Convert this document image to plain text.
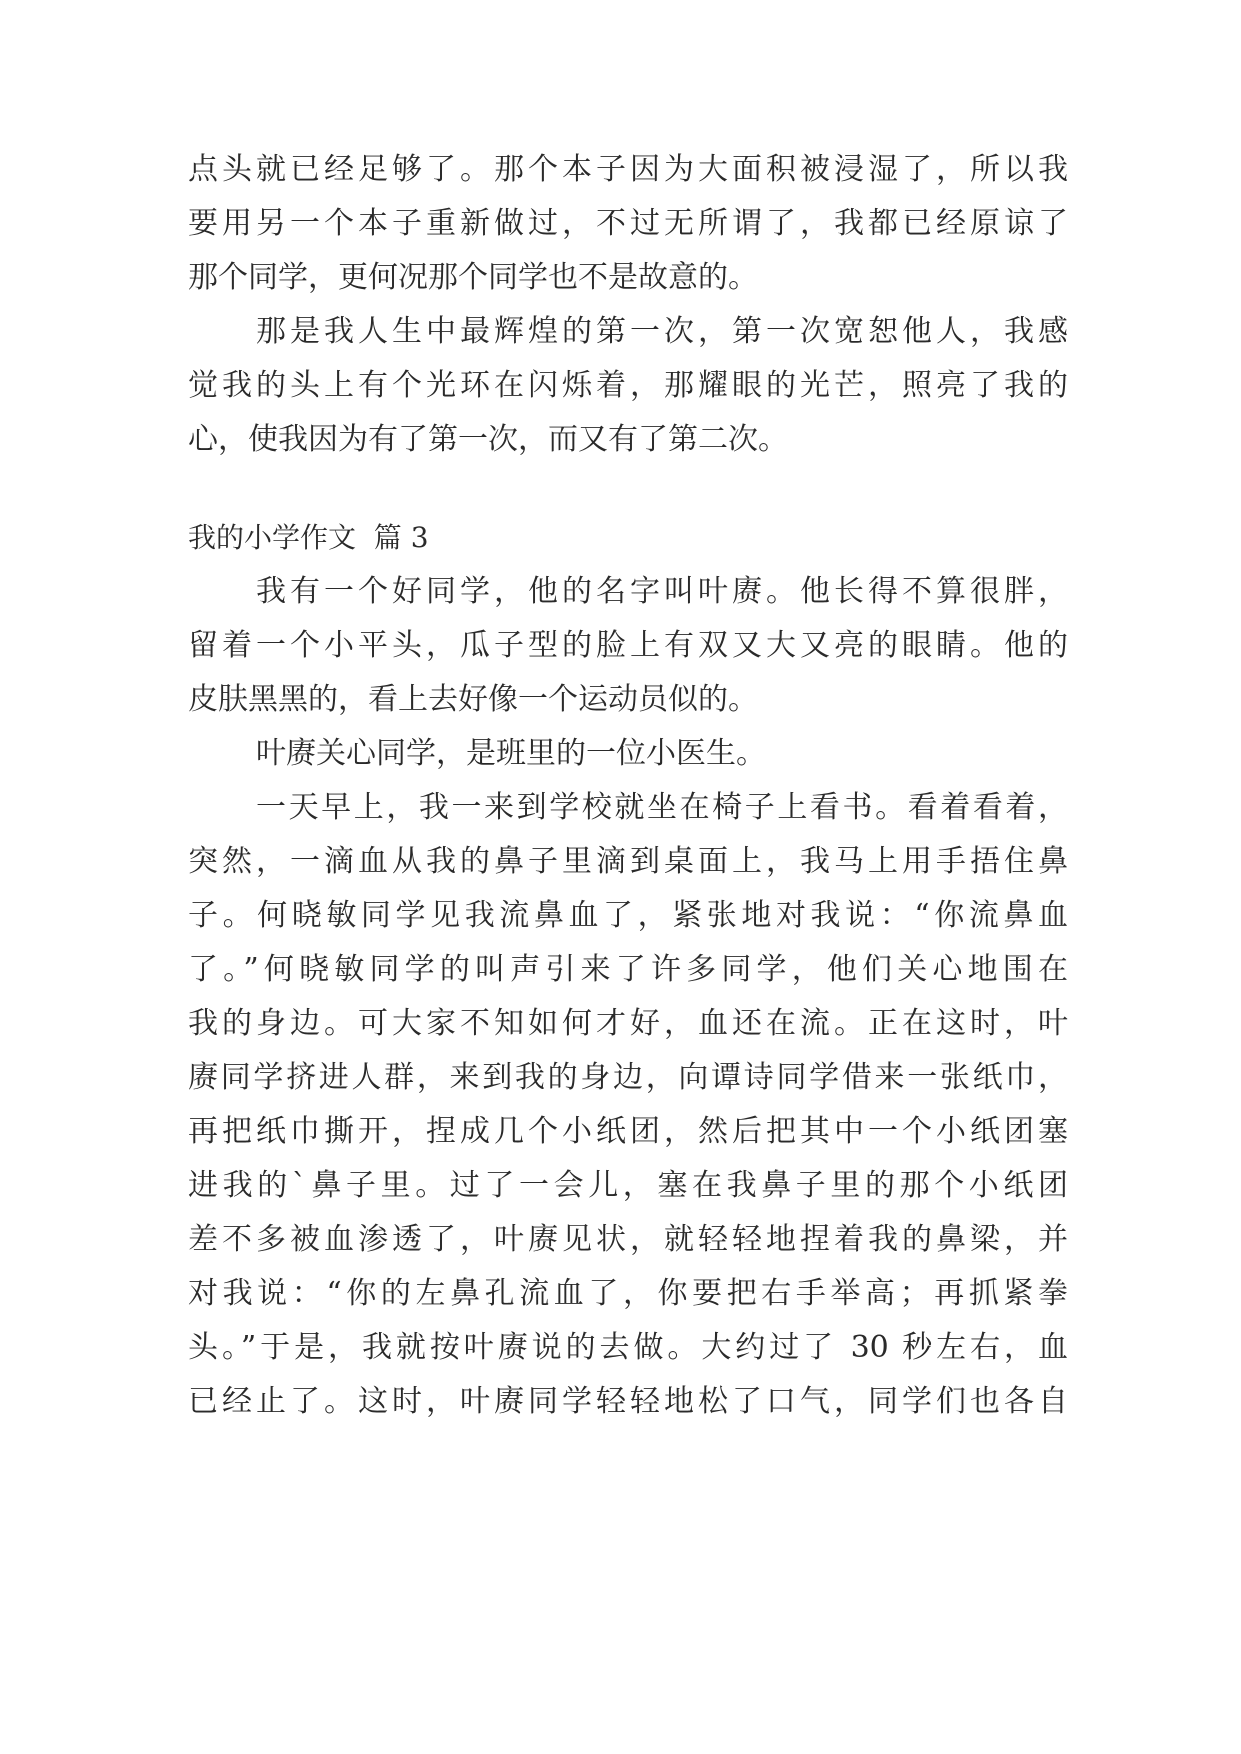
点头就已经足够了。那个本子因为大面积被浸湿了，所以我
要用另一个本子重新做过，不过无所谓了，我都已经原谅了
那个同学，更何况那个同学也不是故意的。
那是我人生中最辉煌的第一次，第一次宽恕他人，我感
觉我的头上有个光环在闪烁着，那耀眼的光芒，照亮了我的
心，使我因为有了第一次，而又有了第二次。
我的小学作文  篇 3
我有一个好同学，他的名字叫叶赓。他长得不算很胖，
留着一个小平头，瓜子型的脸上有双又大又亮的眼睛。他的
皮肤黑黑的，看上去好像一个运动员似的。
叶赓关心同学，是班里的一位小医生。
一天早上，我一来到学校就坐在椅子上看书。看着看着，
突然，一滴血从我的鼻子里滴到桌面上，我马上用手捂住鼻
子。何晓敏同学见我流鼻血了，紧张地对我说：“你流鼻血
了。”何晓敏同学的叫声引来了许多同学，他们关心地围在
我的身边。可大家不知如何才好，血还在流。正在这时，叶
赓同学挤进人群，来到我的身边，向谭诗同学借来一张纸巾，
再把纸巾撕开，捏成几个小纸团，然后把其中一个小纸团塞
进我的`鼻子里。过了一会儿，塞在我鼻子里的那个小纸团
差不多被血渗透了，叶赓见状，就轻轻地捏着我的鼻梁，并
对我说：“你的左鼻孔流血了，你要把右手举高；再抓紧拳
头。”于是，我就按叶赓说的去做。大约过了 30 秒左右，血
已经止了。这时，叶赓同学轻轻地松了口气，同学们也各自
